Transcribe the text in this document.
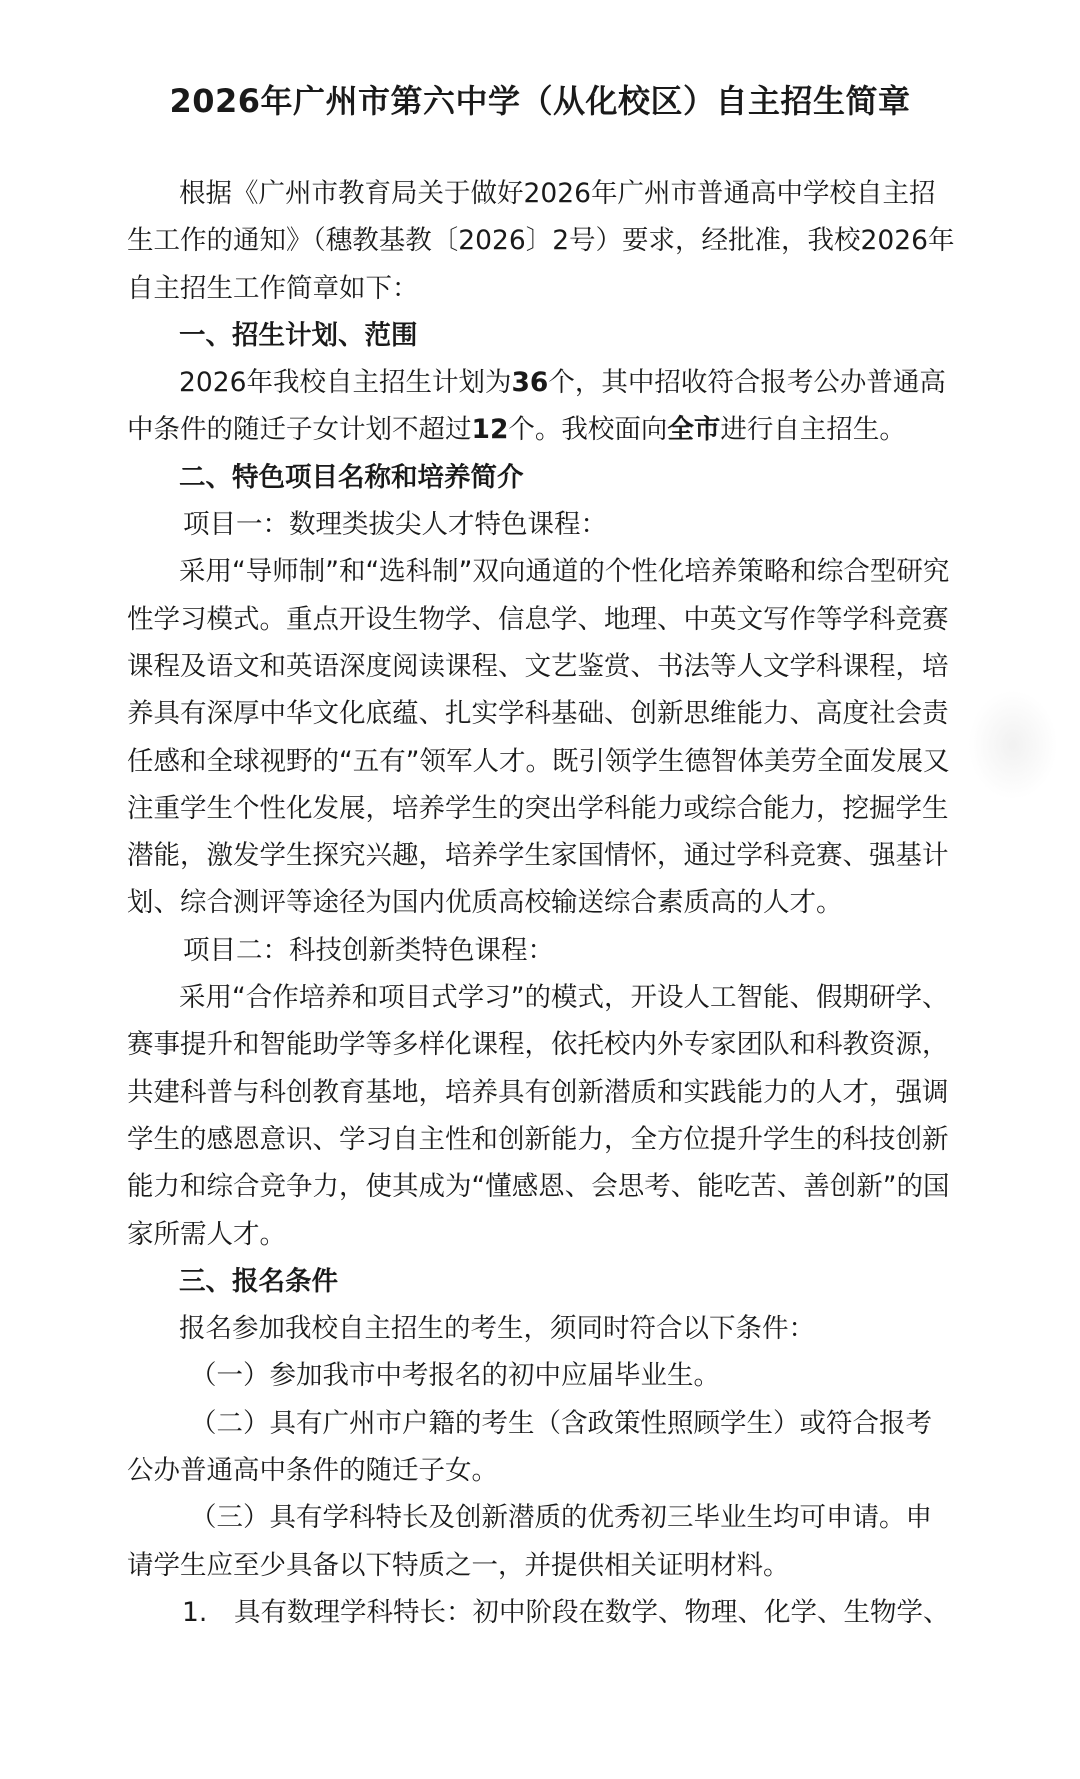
2026年广州市第六中学（从化校区）自主招生简章

根据《广州市教育局关于做好2026年广州市普通高中学校自主招生工作的通知》（穗教基教〔2026〕2号）要求，经批准，我校2026年自主招生工作简章如下：

一、招生计划、范围

2026年我校自主招生计划为36个，其中招收符合报考公办普通高中条件的随迁子女计划不超过12个。我校面向全市进行自主招生。

二、特色项目名称和培养简介

项目一：数理类拔尖人才特色课程：

采用“导师制”和“选科制”双向通道的个性化培养策略和综合型研究性学习模式。重点开设生物学、信息学、地理、中英文写作等学科竞赛课程及语文和英语深度阅读课程、文艺鉴赏、书法等人文学科课程，培养具有深厚中华文化底蕴、扎实学科基础、创新思维能力、高度社会责任感和全球视野的“五有”领军人才。既引领学生德智体美劳全面发展又注重学生个性化发展，培养学生的突出学科能力或综合能力，挖掘学生潜能，激发学生探究兴趣，培养学生家国情怀，通过学科竞赛、强基计划、综合测评等途径为国内优质高校输送综合素质高的人才。

项目二：科技创新类特色课程：

采用“合作培养和项目式学习”的模式，开设人工智能、假期研学、赛事提升和智能助学等多样化课程，依托校内外专家团队和科教资源，共建科普与科创教育基地，培养具有创新潜质和实践能力的人才，强调学生的感恩意识、学习自主性和创新能力，全方位提升学生的科技创新能力和综合竞争力，使其成为“懂感恩、会思考、能吃苦、善创新”的国家所需人才。

三、报名条件

报名参加我校自主招生的考生，须同时符合以下条件：

（一）参加我市中考报名的初中应届毕业生。

（二）具有广州市户籍的考生（含政策性照顾学生）或符合报考公办普通高中条件的随迁子女。

（三）具有学科特长及创新潜质的优秀初三毕业生均可申请。申请学生应至少具备以下特质之一，并提供相关证明材料。

1. 具有数理学科特长：初中阶段在数学、物理、化学、生物学、
